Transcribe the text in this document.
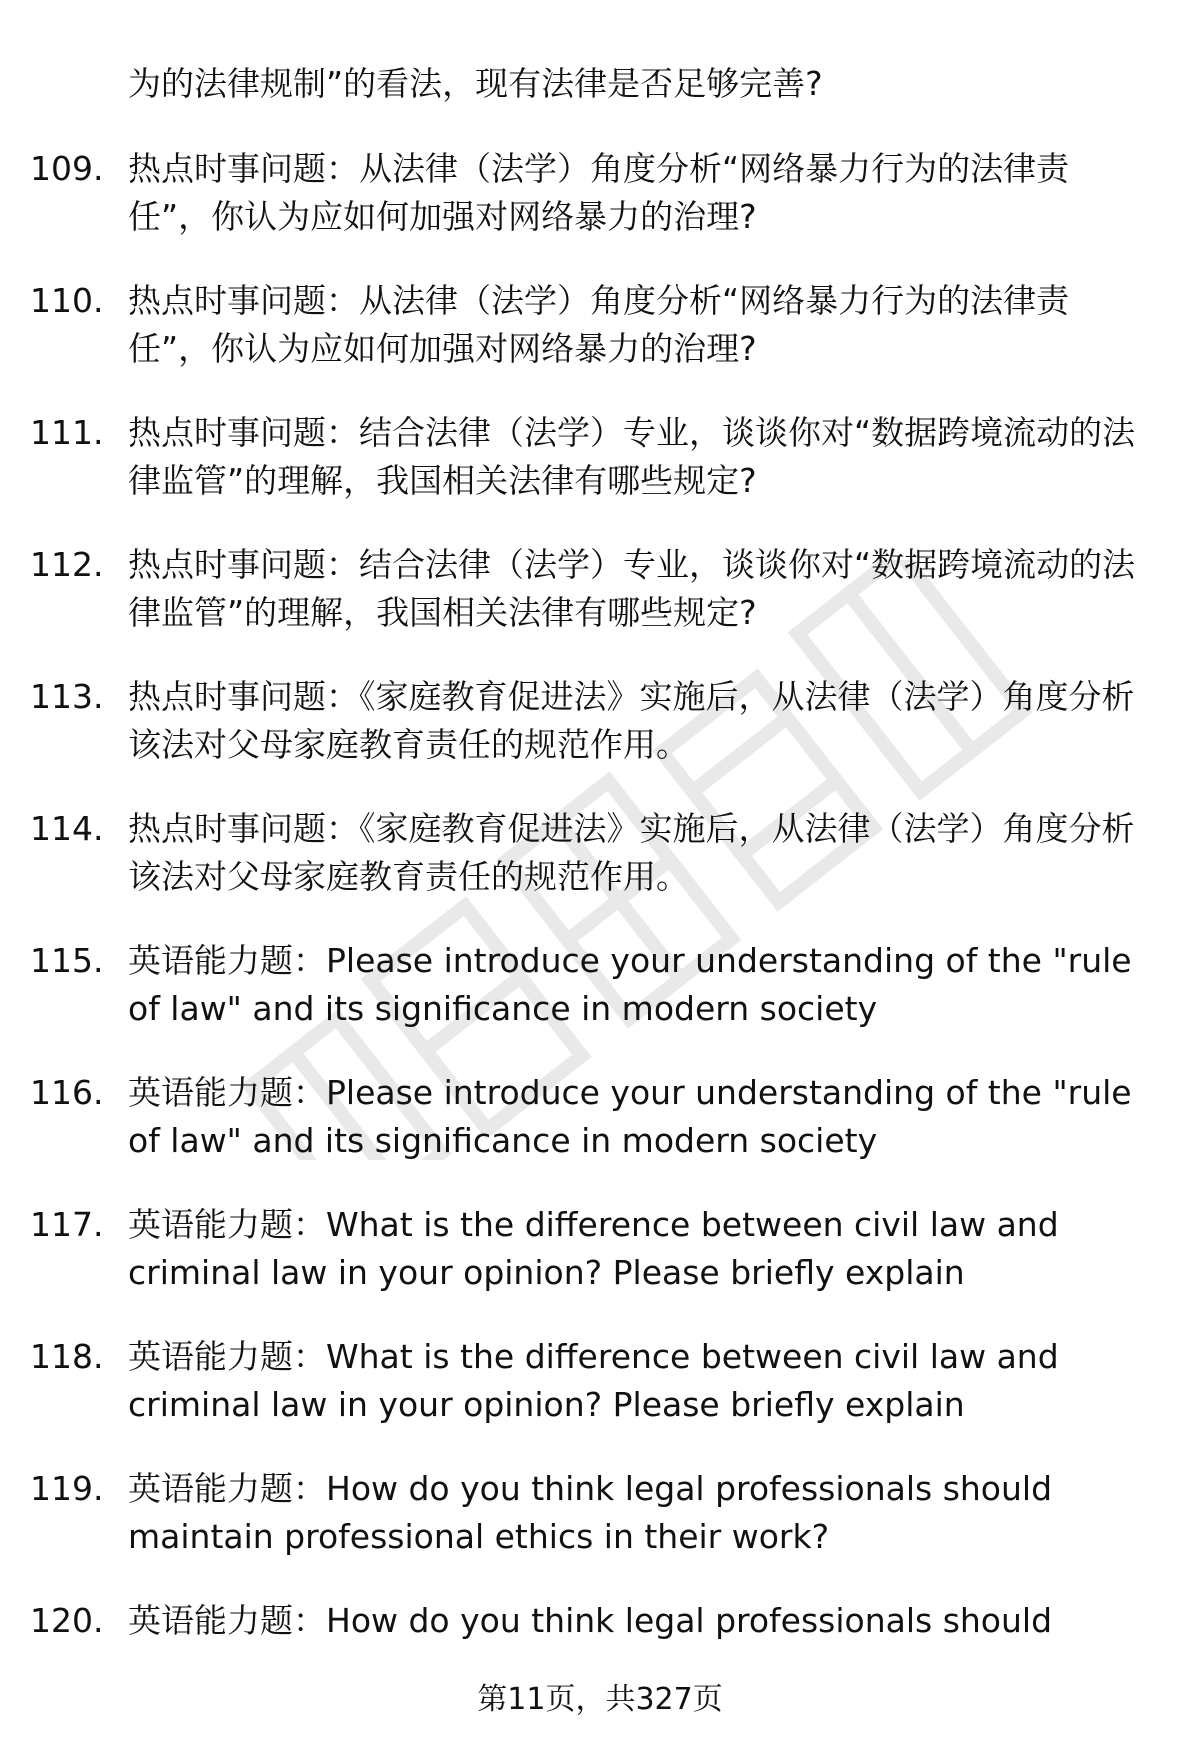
为的法律规制”的看法，现有法律是否足够完善?
109. 热点时事问题：从法律（法学）角度分析“网络暴力行为的法律责任”，你认为应如何加强对网络暴力的治理?
110. 热点时事问题：从法律（法学）角度分析“网络暴力行为的法律责任”，你认为应如何加强对网络暴力的治理?
111. 热点时事问题：结合法律（法学）专业，谈谈你对“数据跨境流动的法律监管”的理解，我国相关法律有哪些规定?
112. 热点时事问题：结合法律（法学）专业，谈谈你对“数据跨境流动的法律监管”的理解，我国相关法律有哪些规定?
113. 热点时事问题：《家庭教育促进法》实施后，从法律（法学）角度分析该法对父母家庭教育责任的规范作用。
114. 热点时事问题：《家庭教育促进法》实施后，从法律（法学）角度分析该法对父母家庭教育责任的规范作用。
115. 英语能力题：Please introduce your understanding of the "rule of law" and its significance in modern society
116. 英语能力题：Please introduce your understanding of the "rule of law" and its significance in modern society
117. 英语能力题：What is the difference between civil law and criminal law in your opinion? Please briefly explain
118. 英语能力题：What is the difference between civil law and criminal law in your opinion? Please briefly explain
119. 英语能力题：How do you think legal professionals should maintain professional ethics in their work?
120. 英语能力题：How do you think legal professionals should
第11页，共327页
